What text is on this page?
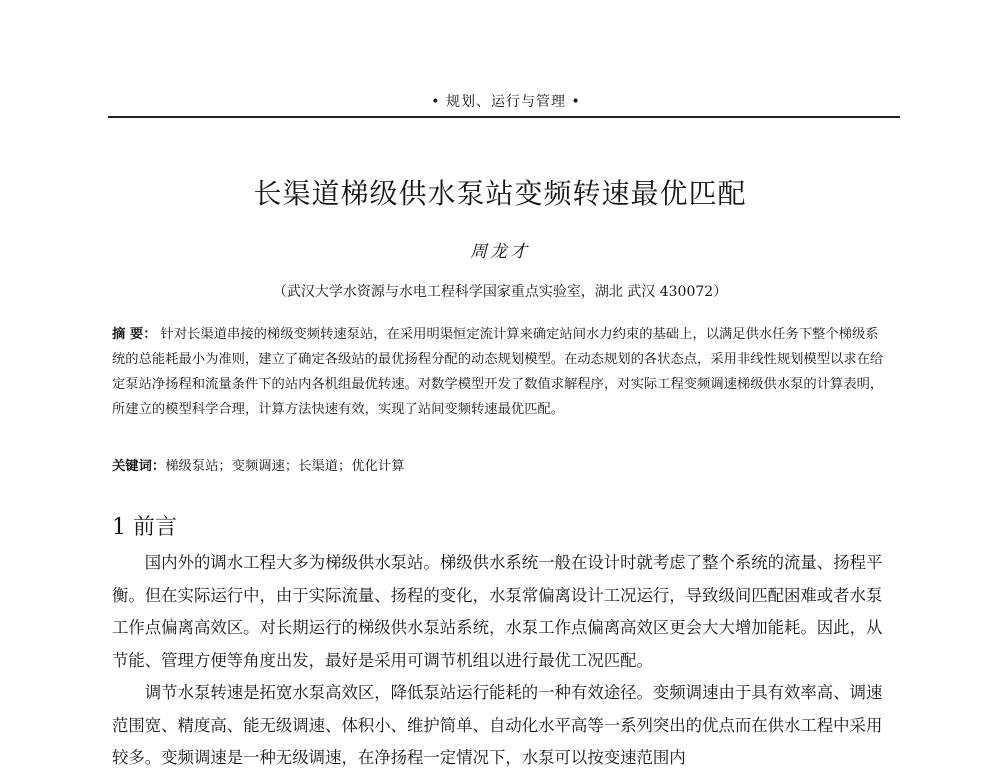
• 规划、运行与管理 •
长渠道梯级供水泵站变频转速最优匹配
周龙才
（武汉大学水资源与水电工程科学国家重点实验室，湖北 武汉 430072）

摘 要： 针对长渠道串接的梯级变频转速泵站，在采用明渠恒定流计算来确定站间水力约束的基础上，以满足供水任务下整个梯级系统的总能耗最小为准则，建立了确定各级站的最优扬程分配的动态规划模型。在动态规划的各状态点，采用非线性规划模型以求在给定泵站净扬程和流量条件下的站内各机组最优转速。对数学模型开发了数值求解程序，对实际工程变频调速梯级供水泵的计算表明，所建立的模型科学合理，计算方法快速有效，实现了站间变频转速最优匹配。

关键词：梯级泵站；变频调速；长渠道；优化计算

1 前言

国内外的调水工程大多为梯级供水泵站。梯级供水系统一般在设计时就考虑了整个系统的流量、扬程平衡。但在实际运行中，由于实际流量、扬程的变化，水泵常偏离设计工况运行，导致级间匹配困难或者水泵工作点偏离高效区。对长期运行的梯级供水泵站系统，水泵工作点偏离高效区更会大大增加能耗。因此，从节能、管理方便等角度出发，最好是采用可调节机组以进行最优工况匹配。

调节水泵转速是拓宽水泵高效区，降低泵站运行能耗的一种有效途径。变频调速由于具有效率高、调速范围宽、精度高、能无级调速、体积小、维护简单、自动化水平高等一系列突出的优点而在供水工程中采用较多。变频调速是一种无级调速，在净扬程一定情况下，水泵可以按变速范围内
